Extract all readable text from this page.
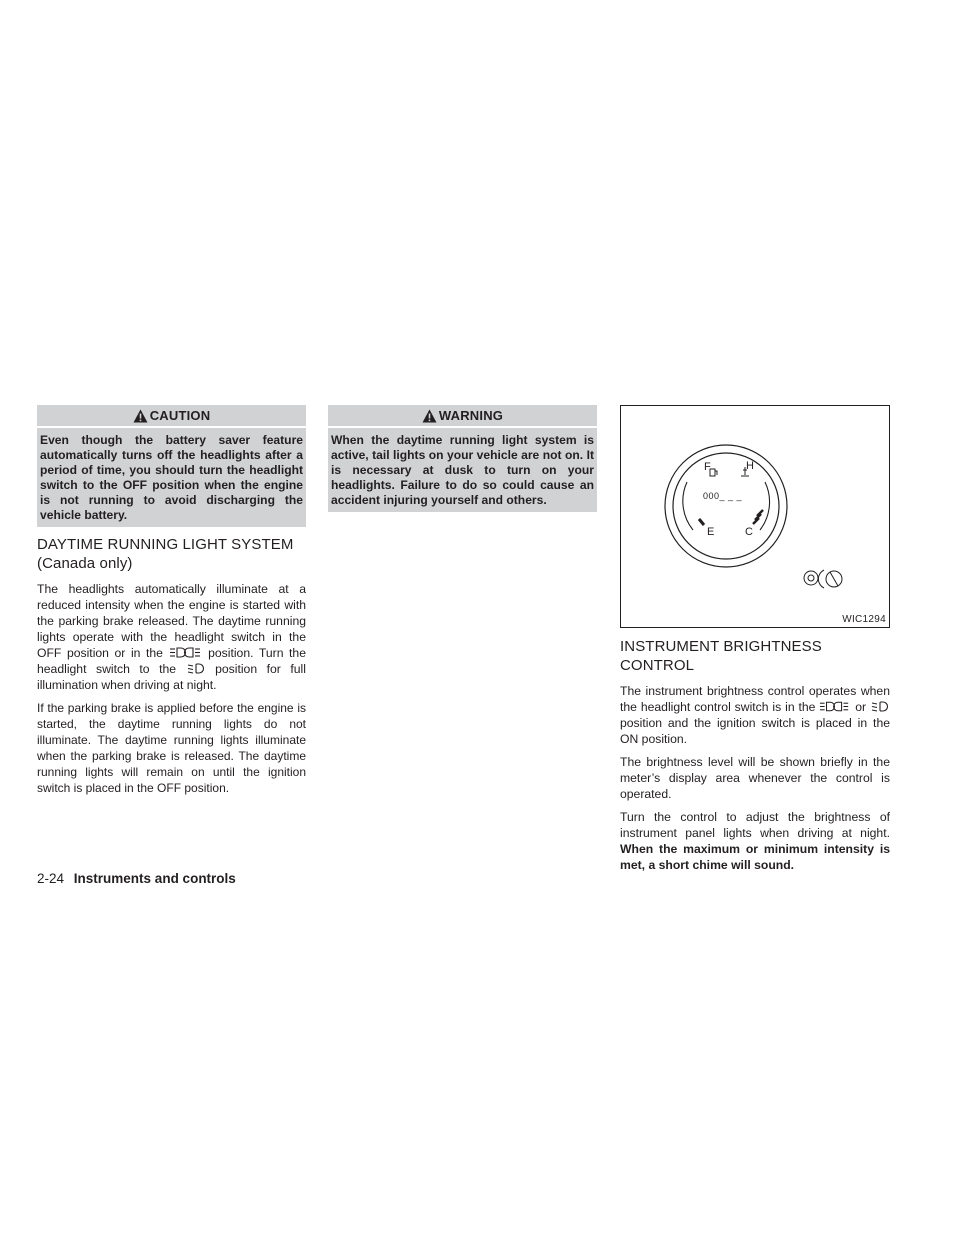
CAUTION
Even though the battery saver feature automatically turns off the headlights after a period of time, you should turn the headlight switch to the OFF position when the engine is not running to avoid discharging the vehicle battery.
DAYTIME RUNNING LIGHT SYSTEM
(Canada only)

The headlights automatically illuminate at a reduced intensity when the engine is started with the parking brake released. The daytime running lights operate with the headlight switch in the OFF position or in the	position. Turn the headlight switch to the	position for full illumination when driving at night.

If the parking brake is applied before the engine is started, the daytime running lights do not illuminate. The daytime running lights illuminate when the parking brake is released. The daytime running lights will remain on until the ignition switch is placed in the OFF position.

WARNING
When the daytime running light system is active, tail lights on your vehicle are not on. It is necessary at dusk to turn on your headlights. Failure to do so could cause an accident injuring yourself and others.
F	H
000_ _ _
E	C
WIC1294
INSTRUMENT BRIGHTNESS
CONTROL

The instrument brightness control operates when the headlight control switch is in the	or  position and the ignition switch is placed in the ON position.

The brightness level will be shown briefly in the meter’s display area whenever the control is operated.

Turn the control to adjust the brightness of instrument panel lights when driving at night. When the maximum or minimum intensity is met, a short chime will sound.

2-24 Instruments and controls
